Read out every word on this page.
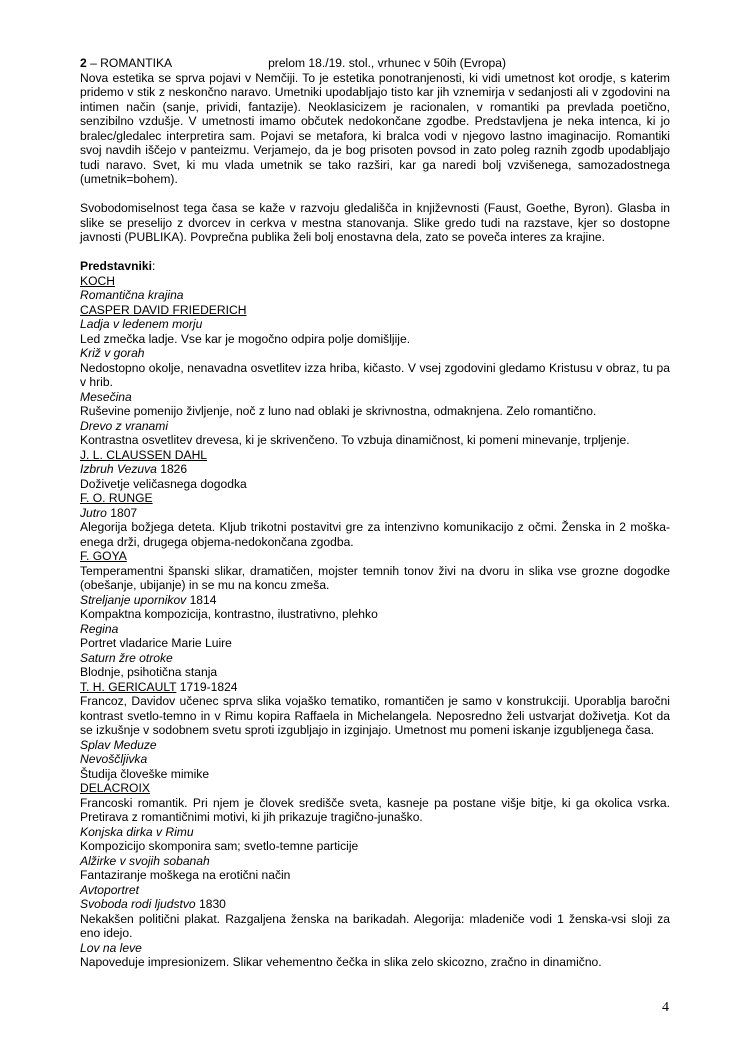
2 – ROMANTIKA	prelom 18./19. stol., vrhunec v 50ih (Evropa)

Nova estetika se sprva pojavi v Nemčiji. To je estetika ponotranjenosti, ki vidi umetnost kot orodje, s katerim pridemo v stik z neskončno naravo. Umetniki upodabljajo tisto kar jih vznemirja v sedanjosti ali v zgodovini na intimen način (sanje, prividi, fantazije). Neoklasicizem je racionalen, v romantiki pa prevlada poetično, senzibilno vzdušje. V umetnosti imamo občutek nedokončane zgodbe. Predstavljena je neka intenca, ki jo bralec/gledalec interpretira sam. Pojavi se metafora, ki bralca vodi v njegovo lastno imaginacijo. Romantiki svoj navdih iščejo v panteizmu. Verjamejo, da je bog prisoten povsod in zato poleg raznih zgodb upodabljajo tudi naravo. Svet, ki mu vlada umetnik se tako razširi, kar ga naredi bolj vzvišenega, samozadostnega (umetnik=bohem).

Svobodomiselnost tega časa se kaže v razvoju gledališča in književnosti (Faust, Goethe, Byron). Glasba in slike se preselijo z dvorcev in cerkva v mestna stanovanja. Slike gredo tudi na razstave, kjer so dostopne javnosti (PUBLIKA). Povprečna publika želi bolj enostavna dela, zato se poveča interes za krajine.

Predstavniki:
KOCH
Romantična krajina
CASPER DAVID FRIEDERICH
Ladja v ledenem morju
Led zmečka ladje. Vse kar je mogočno odpira polje domišljije.
Križ v gorah
Nedostopno okolje, nenavadna osvetlitev izza hriba, kičasto. V vsej zgodovini gledamo Kristusu v obraz, tu pa v hrib.
Mesečina
Ruševine pomenijo življenje, noč z luno nad oblaki je skrivnostna, odmaknjena. Zelo romantično.
Drevo z vranami
Kontrastna osvetlitev drevesa, ki je skrivenčeno. To vzbuja dinamičnost, ki pomeni minevanje, trpljenje.
J. L. CLAUSSEN DAHL
Izbruh Vezuva 1826
Doživetje veličasnega dogodka
F. O. RUNGE
Jutro 1807
Alegorija božjega deteta. Kljub trikotni postavitvi gre za intenzivno komunikacijo z očmi. Ženska in 2 moška-enega drži, drugega objema-nedokončana zgodba.
F. GOYA
Temperamentni španski slikar, dramatičen, mojster temnih tonov živi na dvoru in slika vse grozne dogodke (obešanje, ubijanje) in se mu na koncu zmeša.
Streljanje upornikov 1814
Kompaktna kompozicija, kontrastno, ilustrativno, plehko
Regina
Portret vladarice Marie Luire
Saturn žre otroke
Blodnje, psihotična stanja
T. H. GERICAULT 1719-1824
Francoz, Davidov učenec sprva slika vojaško tematiko, romantičen je samo v konstrukciji. Uporablja baročni kontrast svetlo-temno in v Rimu kopira Raffaela in Michelangela. Neposredno želi ustvarjat doživetja. Kot da se izkušnje v sodobnem svetu sproti izgubljajo in izginjajo. Umetnost mu pomeni iskanje izgubljenega časa.
Splav Meduze
Nevoščljivka
Študija človeške mimike
DELACROIX
Francoski romantik. Pri njem je človek središče sveta, kasneje pa postane višje bitje, ki ga okolica vsrka. Pretirava z romantičnimi motivi, ki jih prikazuje tragično-junaško.
Konjska dirka v Rimu
Kompozicijo skomponira sam; svetlo-temne particije
Alžirke v svojih sobanah
Fantaziranje moškega na erotični način
Avtoportret
Svoboda rodi ljudstvo 1830
Nekakšen politični plakat. Razgaljena ženska na barikadah. Alegorija: mladeniče vodi 1 ženska-vsi sloji za eno idejo.
Lov na leve
Napoveduje impresionizem. Slikar vehementno čečka in slika zelo skicozno, zračno in dinamično.
4
